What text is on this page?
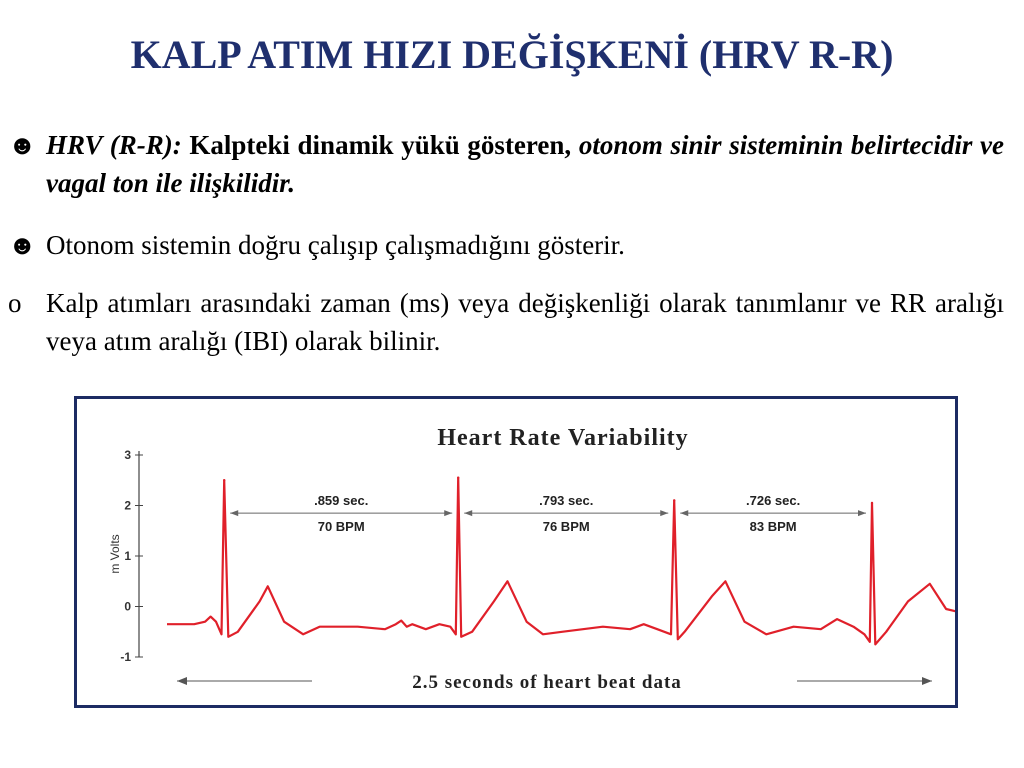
KALP ATIM HIZI DEĞİŞKENİ (HRV R-R)
☻ HRV (R-R): Kalpteki dinamik yükü gösteren, otonom sinir sisteminin belirtecidir ve vagal ton ile ilişkilidir.
☻ Otonom sistemin doğru çalışıp çalışmadığını gösterir.
o Kalp atımları arasındaki zaman (ms) veya değişkenliği olarak tanımlanır ve RR aralığı veya atım aralığı (IBI) olarak bilinir.
Heart Rate Variability
m Volts
3
2
1
0
-1
.859 sec.
70 BPM
.793 sec.
76 BPM
.726 sec.
83 BPM
2.5 seconds of heart beat data
